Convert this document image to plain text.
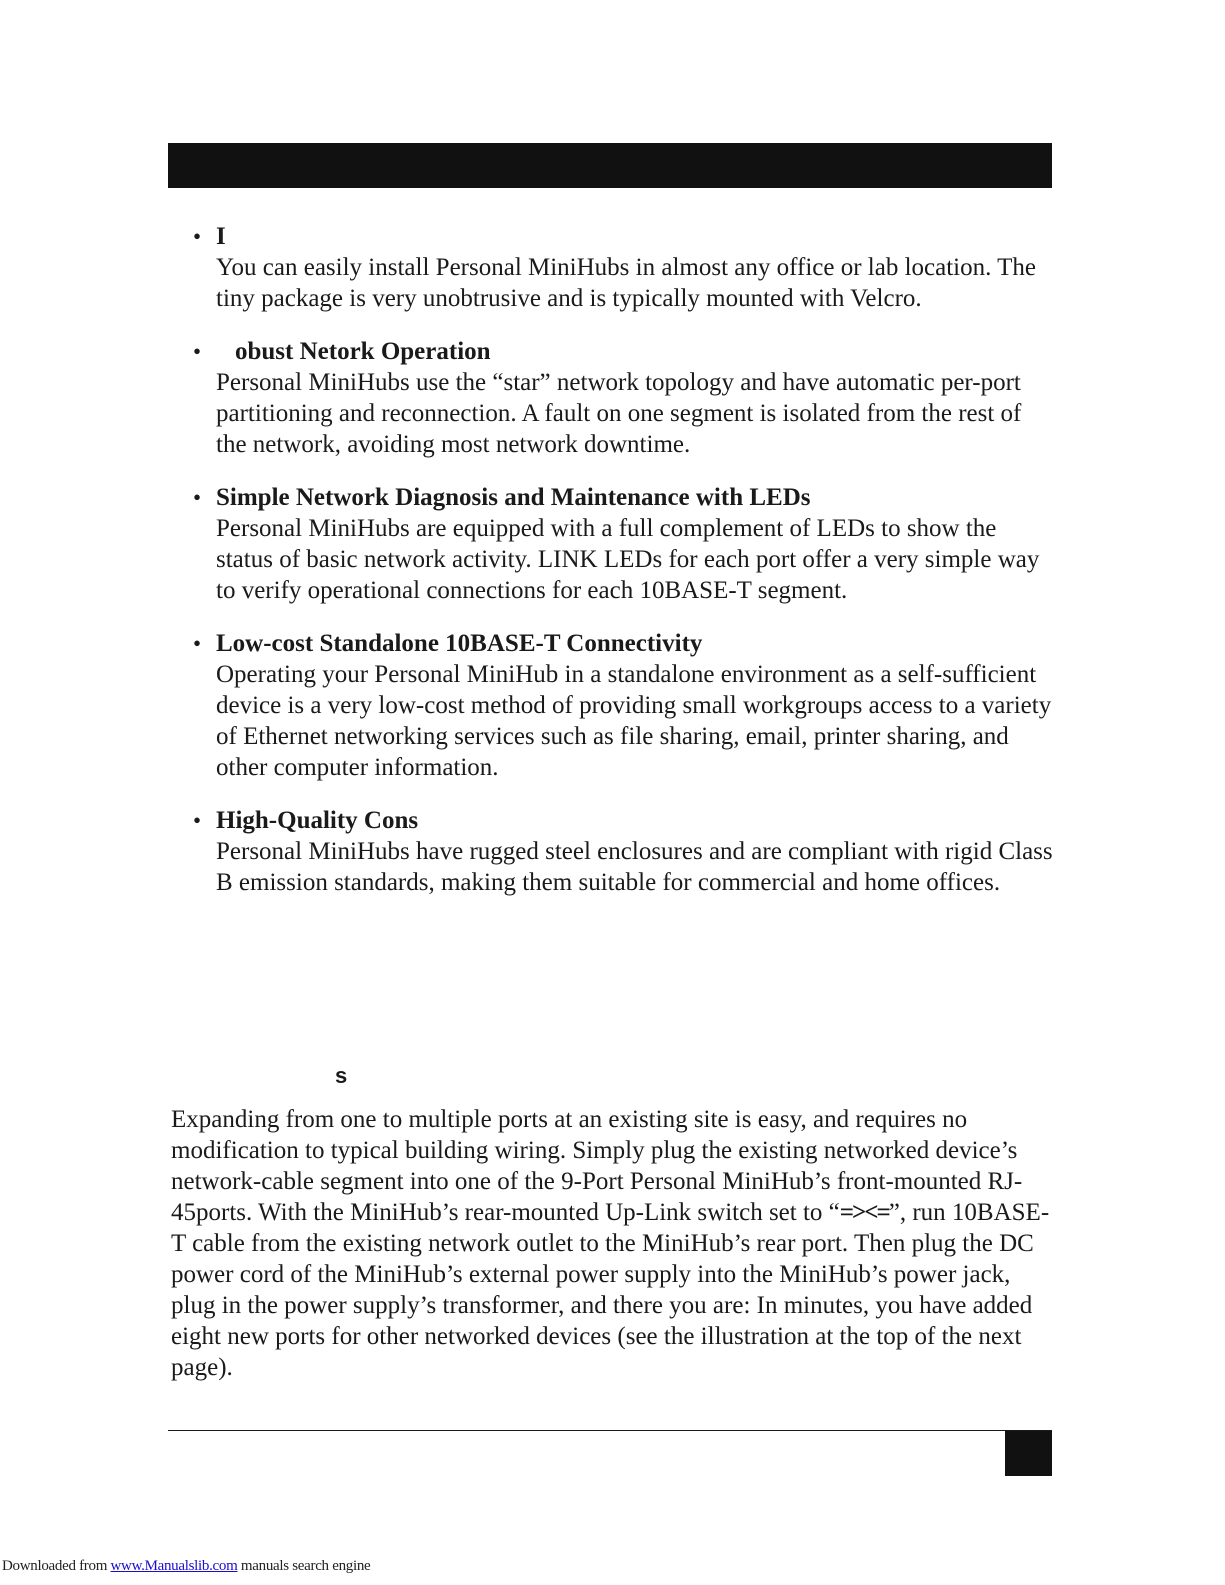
• I
You can easily install Personal MiniHubs in almost any office or lab location. The tiny package is very unobtrusive and is typically mounted with Velcro.
•	obust Netork Operation
Personal MiniHubs use the “star” network topology and have automatic per-port partitioning and reconnection. A fault on one segment is isolated from the rest of the network, avoiding most network downtime.
• Simple Network Diagnosis and Maintenance with LEDs
Personal MiniHubs are equipped with a full complement of LEDs to show the status of basic network activity. LINK LEDs for each port offer a very simple way to verify operational connections for each 10BASE-T segment.
• Low-cost Standalone 10BASE-T Connectivity
Operating your Personal MiniHub in a standalone environment as a self-sufficient device is a very low-cost method of providing small workgroups access to a variety of Ethernet networking services such as file sharing, email, printer sharing, and other computer information.
• High-Quality Cons
Personal MiniHubs have rugged steel enclosures and are compliant with rigid Class B emission standards, making them suitable for commercial and home offices.
s

Expanding from one to multiple ports at an existing site is easy, and requires no modification to typical building wiring. Simply plug the existing networked device’s network-cable segment into one of the 9-Port Personal MiniHub’s front-mounted RJ-45ports. With the MiniHub’s rear-mounted Up-Link switch set to “=><=”, run 10BASE-T cable from the existing network outlet to the MiniHub’s rear port. Then plug the DC power cord of the MiniHub’s external power supply into the MiniHub’s power jack, plug in the power supply’s transformer, and there you are: In minutes, you have added eight new ports for other networked devices (see the illustration at the top of the next page).

Downloaded from www.Manualslib.com manuals search engine
